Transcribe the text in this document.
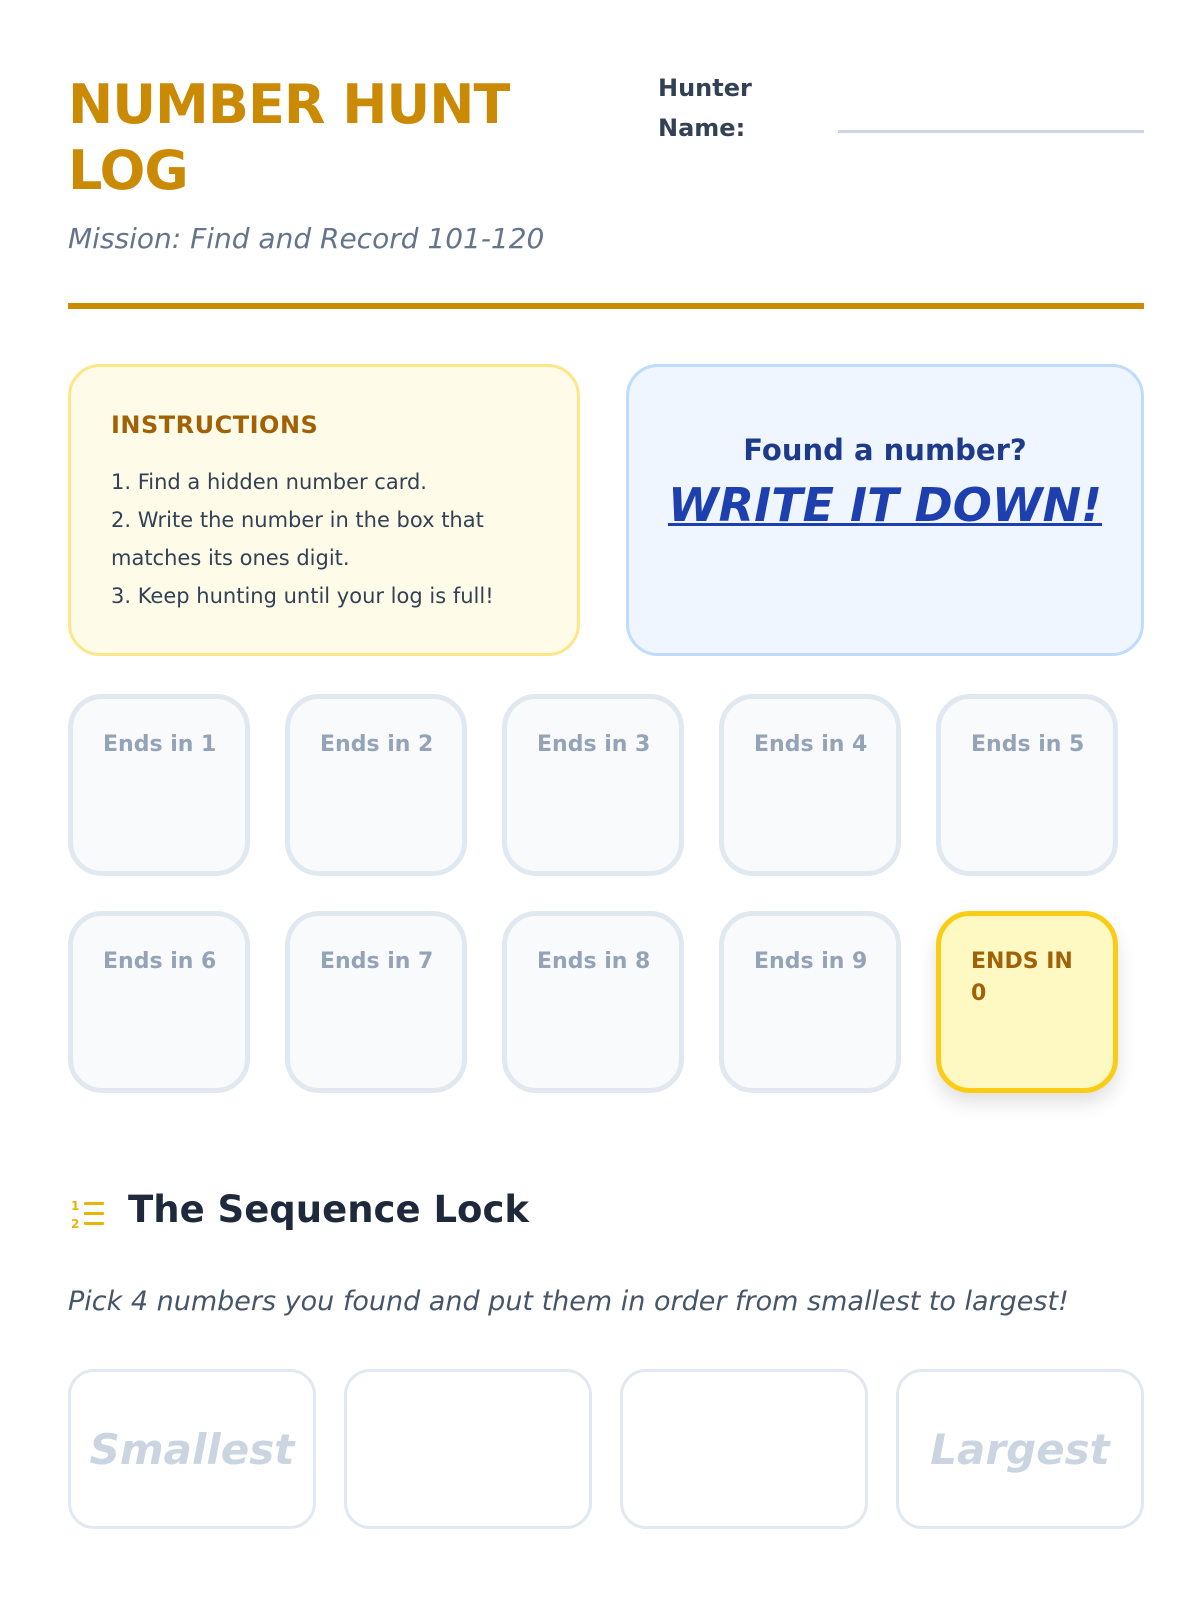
NUMBER HUNT LOG
Mission: Find and Record 101-120
Hunter Name:
INSTRUCTIONS
1. Find a hidden number card.
2. Write the number in the box that matches its ones digit.
3. Keep hunting until your log is full!
Found a number?
WRITE IT DOWN!
Ends in 1	Ends in 2	Ends in 3	Ends in 4	Ends in 5
Ends in 6	Ends in 7	Ends in 8	Ends in 9	ENDS IN 0
1
2 The Sequence Lock
Pick 4 numbers you found and put them in order from smallest to largest!
Smallest	Largest
